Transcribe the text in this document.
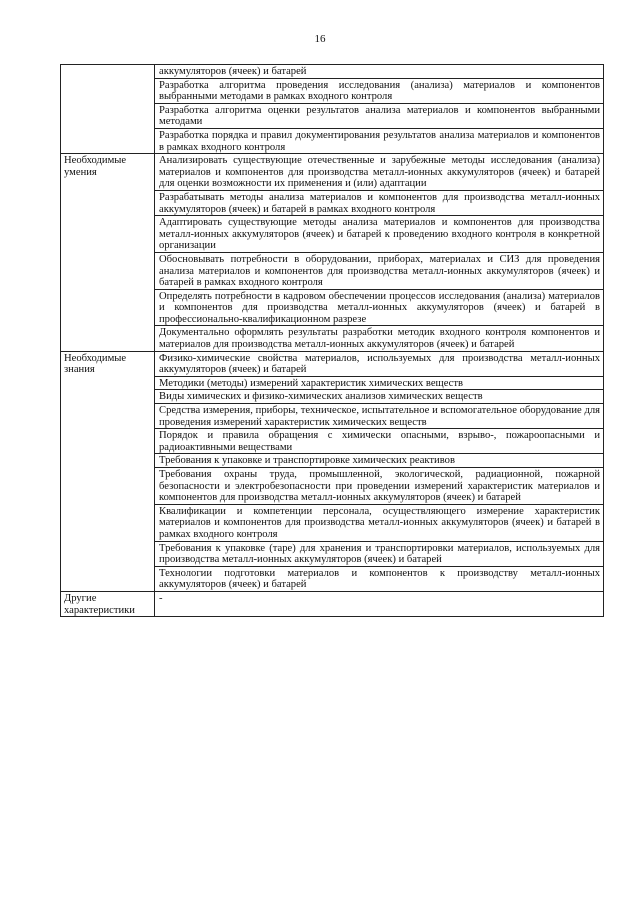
16
	аккумуляторов (ячеек) и батарей
	Разработка алгоритма проведения исследования (анализа) материалов и компонентов выбранными методами в рамках входного контроля
	Разработка алгоритма оценки результатов анализа материалов и компонентов выбранными методами
	Разработка порядка и правил документирования результатов анализа материалов и компонентов в рамках входного контроля
Необходимые умения	Анализировать существующие отечественные и зарубежные методы исследования (анализа) материалов и компонентов для производства металл-ионных аккумуляторов (ячеек) и батарей для оценки возможности их применения и (или) адаптации
	Разрабатывать методы анализа материалов и компонентов для производства металл-ионных аккумуляторов (ячеек) и батарей в рамках входного контроля
	Адаптировать существующие методы анализа материалов и компонентов для производства металл-ионных аккумуляторов (ячеек) и батарей к проведению входного контроля в конкретной организации
	Обосновывать потребности в оборудовании, приборах, материалах и СИЗ для проведения анализа материалов и компонентов для производства металл-ионных аккумуляторов (ячеек) и батарей в рамках входного контроля
	Определять потребности в кадровом обеспечении процессов исследования (анализа) материалов и компонентов для производства металл-ионных аккумуляторов (ячеек) и батарей в профессионально-квалификационном разрезе
	Документально оформлять результаты разработки методик входного контроля компонентов и материалов для производства металл-ионных аккумуляторов (ячеек) и батарей
Необходимые знания	Физико-химические свойства материалов, используемых для производства металл-ионных аккумуляторов (ячеек) и батарей
	Методики (методы) измерений характеристик химических веществ
	Виды химических и физико-химических анализов химических веществ
	Средства измерения, приборы, техническое, испытательное и вспомогательное оборудование для проведения измерений характеристик химических веществ
	Порядок и правила обращения с химически опасными, взрыво-, пожароопасными и радиоактивными веществами
	Требования к упаковке и транспортировке химических реактивов
	Требования охраны труда, промышленной, экологической, радиационной, пожарной безопасности и электробезопасности при проведении измерений характеристик материалов и компонентов для производства металл-ионных аккумуляторов (ячеек) и батарей
	Квалификации и компетенции персонала, осуществляющего измерение характеристик материалов и компонентов для производства металл-ионных аккумуляторов (ячеек) и батарей в рамках входного контроля
	Требования к упаковке (таре) для хранения и транспортировки материалов, используемых для производства металл-ионных аккумуляторов (ячеек) и батарей
	Технологии подготовки материалов и компонентов к производству металл-ионных аккумуляторов (ячеек) и батарей
Другие характеристики	-
